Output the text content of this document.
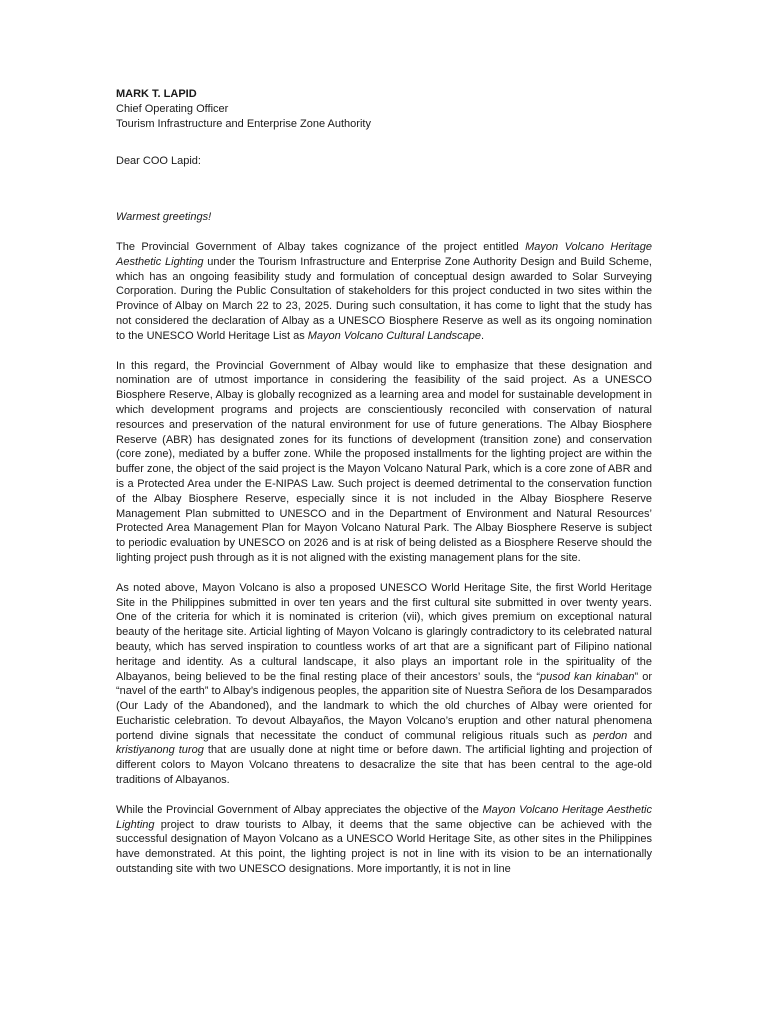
MARK T. LAPID
Chief Operating Officer
Tourism Infrastructure and Enterprise Zone Authority
Dear COO Lapid:
Warmest greetings!

The Provincial Government of Albay takes cognizance of the project entitled Mayon Volcano Heritage Aesthetic Lighting under the Tourism Infrastructure and Enterprise Zone Authority Design and Build Scheme, which has an ongoing feasibility study and formulation of conceptual design awarded to Solar Surveying Corporation. During the Public Consultation of stakeholders for this project conducted in two sites within the Province of Albay on March 22 to 23, 2025. During such consultation, it has come to light that the study has not considered the declaration of Albay as a UNESCO Biosphere Reserve as well as its ongoing nomination to the UNESCO World Heritage List as Mayon Volcano Cultural Landscape.

In this regard, the Provincial Government of Albay would like to emphasize that these designation and nomination are of utmost importance in considering the feasibility of the said project. As a UNESCO Biosphere Reserve, Albay is globally recognized as a learning area and model for sustainable development in which development programs and projects are conscientiously reconciled with conservation of natural resources and preservation of the natural environment for use of future generations. The Albay Biosphere Reserve (ABR) has designated zones for its functions of development (transition zone) and conservation (core zone), mediated by a buffer zone. While the proposed installments for the lighting project are within the buffer zone, the object of the said project is the Mayon Volcano Natural Park, which is a core zone of ABR and is a Protected Area under the E-NIPAS Law. Such project is deemed detrimental to the conservation function of the Albay Biosphere Reserve, especially since it is not included in the Albay Biosphere Reserve Management Plan submitted to UNESCO and in the Department of Environment and Natural Resources’ Protected Area Management Plan for Mayon Volcano Natural Park. The Albay Biosphere Reserve is subject to periodic evaluation by UNESCO on 2026 and is at risk of being delisted as a Biosphere Reserve should the lighting project push through as it is not aligned with the existing management plans for the site.

As noted above, Mayon Volcano is also a proposed UNESCO World Heritage Site, the first World Heritage Site in the Philippines submitted in over ten years and the first cultural site submitted in over twenty years. One of the criteria for which it is nominated is criterion (vii), which gives premium on exceptional natural beauty of the heritage site. Articial lighting of Mayon Volcano is glaringly contradictory to its celebrated natural beauty, which has served inspiration to countless works of art that are a significant part of Filipino national heritage and identity. As a cultural landscape, it also plays an important role in the spirituality of the Albayanos, being believed to be the final resting place of their ancestors’ souls, the “pusod kan kinaban” or “navel of the earth” to Albay’s indigenous peoples, the apparition site of Nuestra Señora de los Desamparados (Our Lady of the Abandoned), and the landmark to which the old churches of Albay were oriented for Eucharistic celebration. To devout Albayaños, the Mayon Volcano’s eruption and other natural phenomena portend divine signals that necessitate the conduct of communal religious rituals such as perdon and kristiyanong turog that are usually done at night time or before dawn. The artificial lighting and projection of different colors to Mayon Volcano threatens to desacralize the site that has been central to the age-old traditions of Albayanos.

While the Provincial Government of Albay appreciates the objective of the Mayon Volcano Heritage Aesthetic Lighting project to draw tourists to Albay, it deems that the same objective can be achieved with the successful designation of Mayon Volcano as a UNESCO World Heritage Site, as other sites in the Philippines have demonstrated. At this point, the lighting project is not in line with its vision to be an internationally outstanding site with two UNESCO designations. More importantly, it is not in line
